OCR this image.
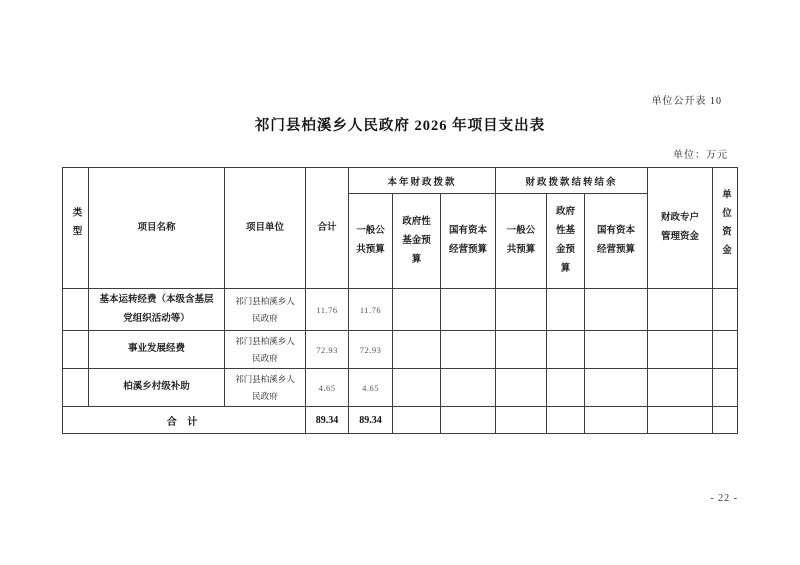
单位公开表 10
祁门县柏溪乡人民政府 2026 年项目支出表
单位：万元
类型	项目名称	项目单位	合计	本年财政拨款			财政拨款结转结余			财政专户管理资金	单位资金
				一般公共预算	政府性基金预算	国有资本经营预算	一般公共预算	政府性基金预算	国有资本经营预算		
	基本运转经费（本级含基层党组织活动等）	祁门县柏溪乡人民政府	11.76	11.76							
	事业发展经费	祁门县柏溪乡人民政府	72.93	72.93							
	柏溪乡村级补助	祁门县柏溪乡人民政府	4.65	4.65							
合 计			89.34	89.34							
- 22 -
